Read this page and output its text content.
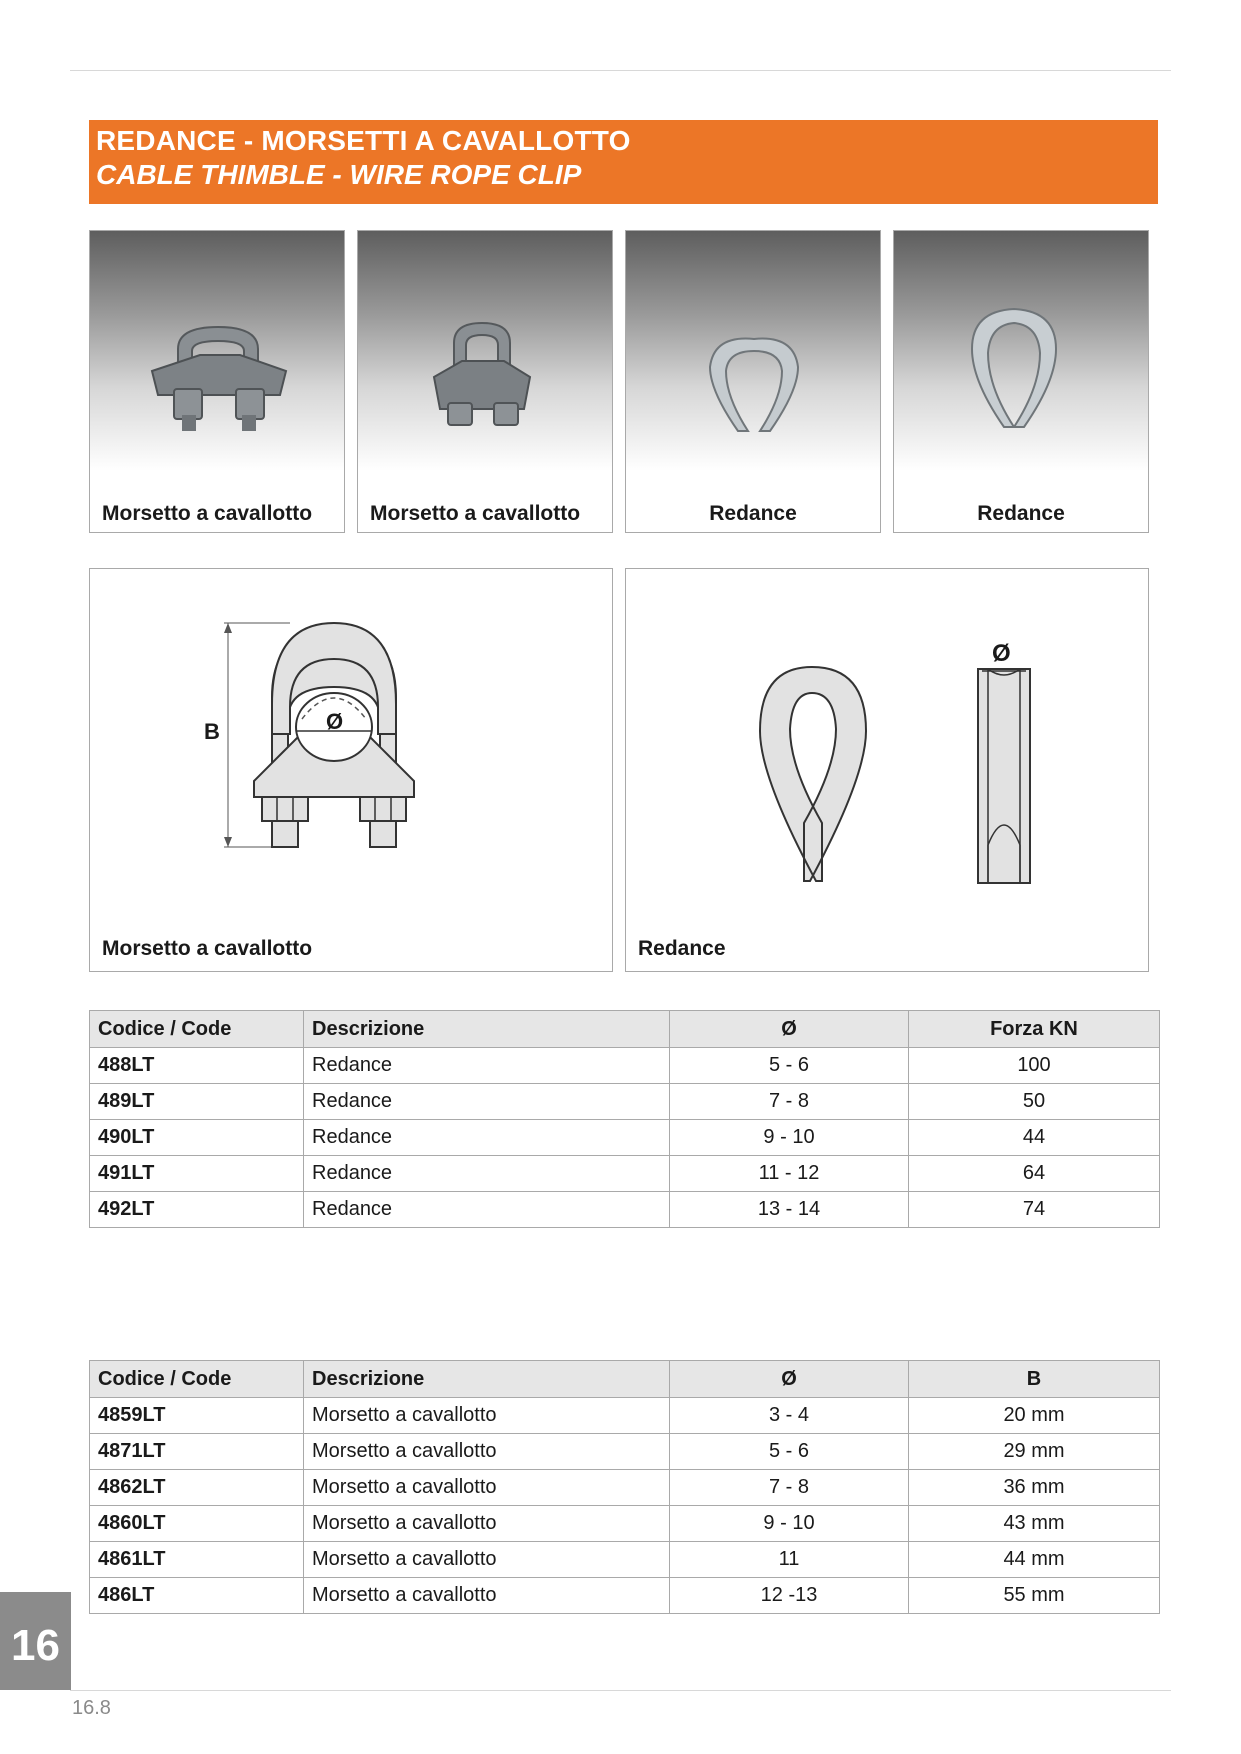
REDANCE - MORSETTI A CAVALLOTTO
CABLE THIMBLE - WIRE ROPE CLIP
Morsetto a cavallotto	Morsetto a cavallotto	Redance	Redance
B	Ø
Morsetto a cavallotto
Ø
Redance
Codice / Code	Descrizione	Ø	Forza KN
488LT	Redance	5 - 6	100
489LT	Redance	7 - 8	50
490LT	Redance	9 - 10	44
491LT	Redance	11 - 12	64
492LT	Redance	13 - 14	74
Codice / Code	Descrizione	Ø	B
4859LT	Morsetto a cavallotto	3 - 4	20 mm
4871LT	Morsetto a cavallotto	5 - 6	29 mm
4862LT	Morsetto a cavallotto	7 - 8	36 mm
4860LT	Morsetto a cavallotto	9 - 10	43 mm
4861LT	Morsetto a cavallotto	11	44 mm
486LT	Morsetto a cavallotto	12 -13	55 mm
16
16.8
